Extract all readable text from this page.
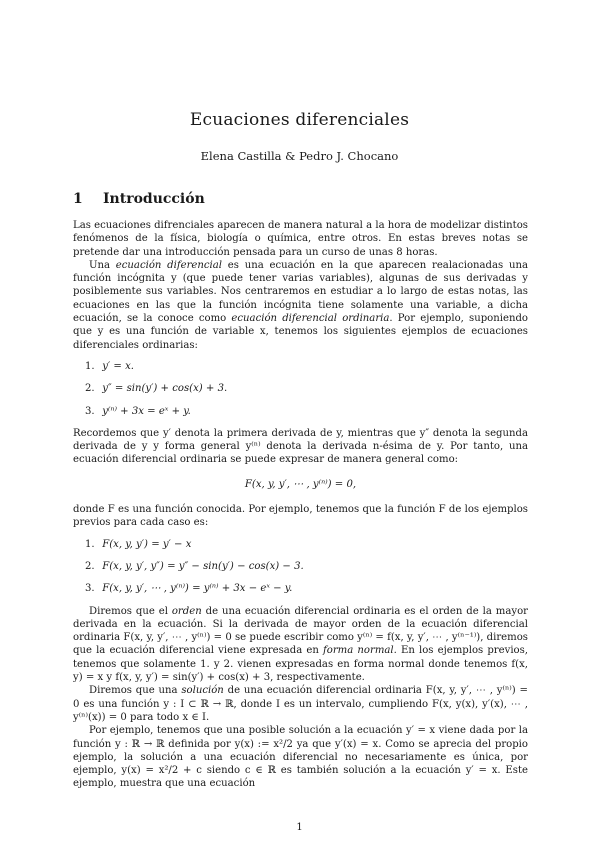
Ecuaciones diferenciales
Elena Castilla & Pedro J. Chocano
1 Introducción

Las ecuaciones difrenciales aparecen de manera natural a la hora de modelizar distintos fenómenos de la física, biología o química, entre otros. En estas breves notas se pretende dar una introducción pensada para un curso de unas 8 horas.

Una ecuación diferencial es una ecuación en la que aparecen realacionadas una función incógnita y (que puede tener varias variables), algunas de sus derivadas y posiblemente sus variables. Nos centraremos en estudiar a lo largo de estas notas, las ecuaciones en las que la función incógnita tiene solamente una variable, a dicha ecuación, se la conoce como ecuación diferencial ordinaria. Por ejemplo, suponiendo que y es una función de variable x, tenemos los siguientes ejemplos de ecuaciones diferenciales ordinarias:

1. y′ = x.
2. y″ = sin(y′) + cos(x) + 3.
3. y⁽ⁿ⁾ + 3x = eˣ + y.

Recordemos que y′ denota la primera derivada de y, mientras que y″ denota la segunda derivada de y y forma general y⁽ⁿ⁾ denota la derivada n-ésima de y. Por tanto, una ecuación diferencial ordinaria se puede expresar de manera general como:

F(x, y, y′, ⋯ , y⁽ⁿ⁾) = 0,

donde F es una función conocida. Por ejemplo, tenemos que la función F de los ejemplos previos para cada caso es:

1. F(x, y, y′) = y′ − x
2. F(x, y, y′, y″) = y″ − sin(y′) − cos(x) − 3.
3. F(x, y, y′, ⋯ , y⁽ⁿ⁾) = y⁽ⁿ⁾ + 3x − eˣ − y.

Diremos que el orden de una ecuación diferencial ordinaria es el orden de la mayor derivada en la ecuación. Si la derivada de mayor orden de la ecuación diferencial ordinaria F(x, y, y′, ⋯ , y⁽ⁿ⁾) = 0 se puede escribir como y⁽ⁿ⁾ = f(x, y, y′, ⋯ , y⁽ⁿ⁻¹⁾), diremos que la ecuación diferencial viene expresada en forma normal. En los ejemplos previos, tenemos que solamente 1. y 2. vienen expresadas en forma normal donde tenemos f(x, y) = x y f(x, y, y′) = sin(y′) + cos(x) + 3, respectivamente.

Diremos que una solución de una ecuación diferencial ordinaria F(x, y, y′, ⋯ , y⁽ⁿ⁾) = 0 es una función y : I ⊂ ℝ → ℝ, donde I es un intervalo, cumpliendo F(x, y(x), y′(x), ⋯ , y⁽ⁿ⁾(x)) = 0 para todo x ∈ I.

Por ejemplo, tenemos que una posible solución a la ecuación y′ = x viene dada por la función y : ℝ → ℝ definida por y(x) := x²/2 ya que y′(x) = x. Como se aprecia del propio ejemplo, la solución a una ecuación diferencial no necesariamente es única, por ejemplo, y(x) = x²/2 + c siendo c ∈ ℝ es también solución a la ecuación y′ = x. Este ejemplo, muestra que una ecuación

1
